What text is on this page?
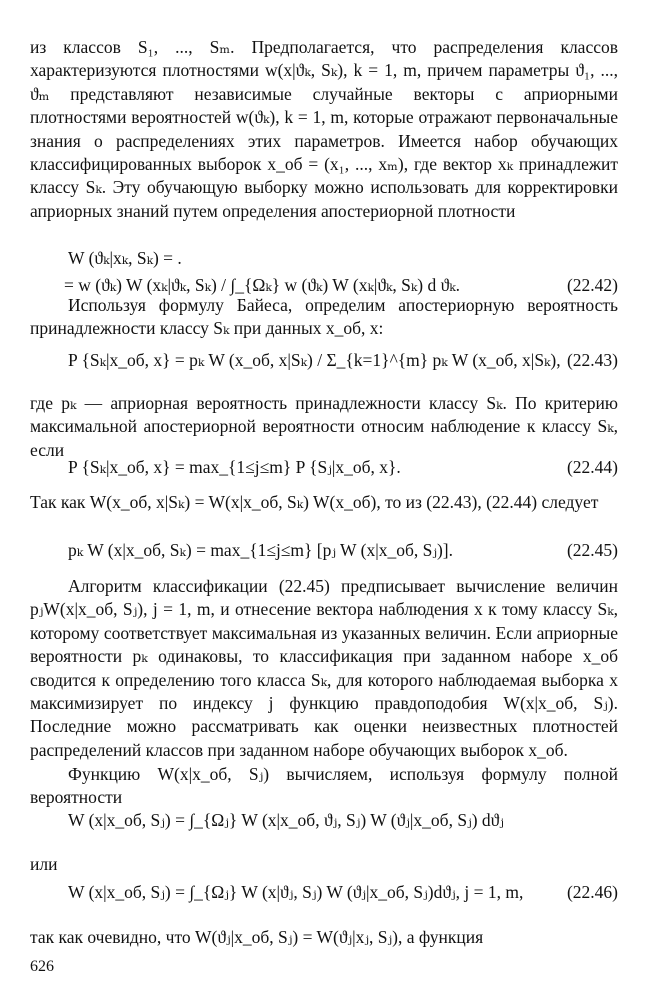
из классов S₁, ..., Sₘ. Предполагается, что распределения классов характеризуются плотностями w(x|ϑₖ, Sₖ), k = 1, m, причем параметры ϑ₁, ..., ϑₘ представляют независимые случайные векторы с априорными плотностями вероятностей w(ϑₖ), k = 1, m, которые отражают первоначальные знания о распределениях этих параметров. Имеется набор обучающих классифицированных выборок x_об = (x₁, ..., xₘ), где вектор xₖ принадлежит классу Sₖ. Эту обучающую выборку можно использовать для корректировки априорных знаний путем определения апостериорной плотности

W (ϑₖ|xₖ, Sₖ) = .
= w (ϑₖ) W (xₖ|ϑₖ, Sₖ) / ∫_{Ωₖ} w (ϑₖ) W (xₖ|ϑₖ, Sₖ) d ϑₖ.	(22.42)

Используя формулу Байеса, определим апостериорную вероятность принадлежности классу Sₖ при данных x_об, x:

P {Sₖ|x_об, x} = pₖ W (x_об, x|Sₖ) / Σ_{k=1}^{m} pₖ W (x_об, x|Sₖ), (22.43)

где pₖ — априорная вероятность принадлежности классу Sₖ. По критерию максимальной апостериорной вероятности относим наблюдение к классу Sₖ, если

P {Sₖ|x_об, x} = max_{1≤j≤m} P {Sⱼ|x_об, x}.	(22.44)

Так как W(x_об, x|Sₖ) = W(x|x_об, Sₖ) W(x_об), то из (22.43), (22.44) следует

pₖ W (x|x_об, Sₖ) = max_{1≤j≤m} [pⱼ W (x|x_об, Sⱼ)].	(22.45)

Алгоритм классификации (22.45) предписывает вычисление величин pⱼW(x|x_об, Sⱼ), j = 1, m, и отнесение вектора наблюдения x к тому классу Sₖ, которому соответствует максимальная из указанных величин. Если априорные вероятности pₖ одинаковы, то классификация при заданном наборе x_об сводится к определению того класса Sₖ, для которого наблюдаемая выборка x максимизирует по индексу j функцию правдоподобия W(x|x_об, Sⱼ). Последние можно рассматривать как оценки неизвестных плотностей распределений классов при заданном наборе обучающих выборок x_об.

Функцию W(x|x_об, Sⱼ) вычисляем, используя формулу полной вероятности

W (x|x_об, Sⱼ) = ∫_{Ωⱼ} W (x|x_об, ϑⱼ, Sⱼ) W (ϑⱼ|x_об, Sⱼ) dϑⱼ

или

W (x|x_об, Sⱼ) = ∫_{Ωⱼ} W (x|ϑⱼ, Sⱼ) W (ϑⱼ|x_об, Sⱼ)dϑⱼ, j = 1, m, (22.46)

так как очевидно, что W(ϑⱼ|x_об, Sⱼ) = W(ϑⱼ|xⱼ, Sⱼ), а функция

626
